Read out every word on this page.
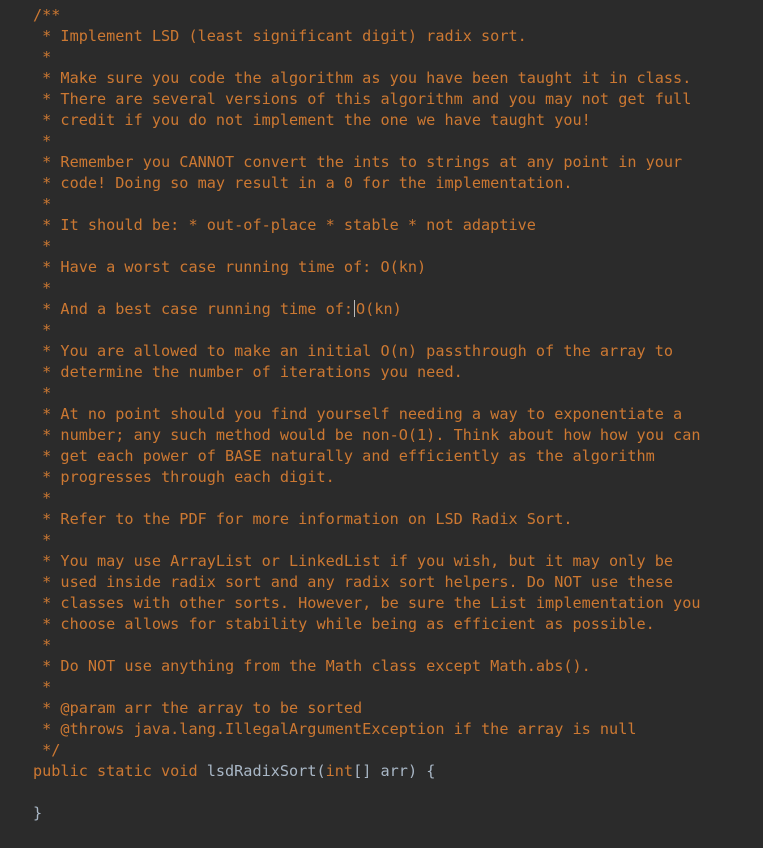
/**
* Implement LSD (least significant digit) radix sort.
*
* Make sure you code the algorithm as you have been taught it in class.
* There are several versions of this algorithm and you may not get full
* credit if you do not implement the one we have taught you!
*
* Remember you CANNOT convert the ints to strings at any point in your
* code! Doing so may result in a 0 for the implementation.
*
* It should be: * out-of-place * stable * not adaptive
*
* Have a worst case running time of: O(kn)
*
* And a best case running time of: O(kn)
*
* You are allowed to make an initial O(n) passthrough of the array to
* determine the number of iterations you need.
*
* At no point should you find yourself needing a way to exponentiate a
* number; any such method would be non-O(1). Think about how how you can
* get each power of BASE naturally and efficiently as the algorithm
* progresses through each digit.
*
* Refer to the PDF for more information on LSD Radix Sort.
*
* You may use ArrayList or LinkedList if you wish, but it may only be
* used inside radix sort and any radix sort helpers. Do NOT use these
* classes with other sorts. However, be sure the List implementation you
* choose allows for stability while being as efficient as possible.
*
* Do NOT use anything from the Math class except Math.abs().
*
* @param arr the array to be sorted
* @throws java.lang.IllegalArgumentException if the array is null
*/
public static void lsdRadixSort(int[] arr) {
}
